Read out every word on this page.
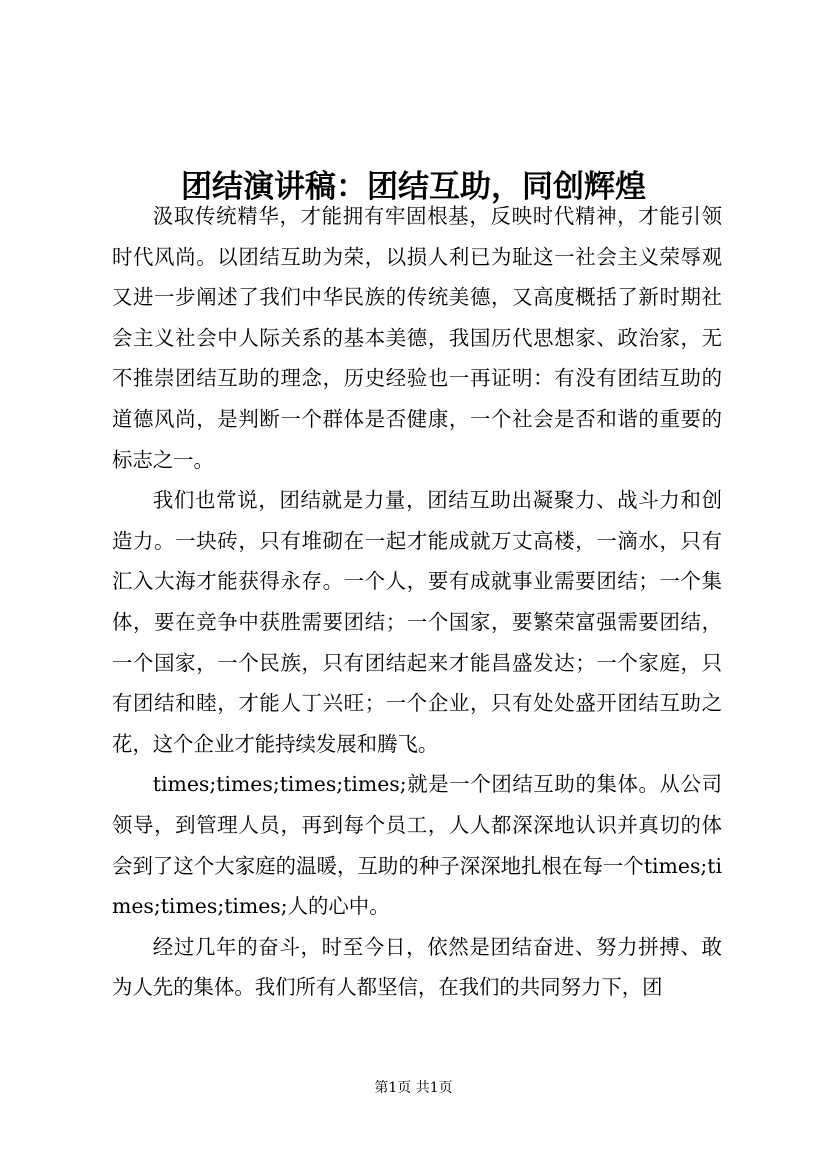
团结演讲稿：团结互助，同创辉煌

汲取传统精华，才能拥有牢固根基，反映时代精神，才能引领时代风尚。以团结互助为荣，以损人利已为耻这一社会主义荣辱观又进一步阐述了我们中华民族的传统美德，又高度概括了新时期社会主义社会中人际关系的基本美德，我国历代思想家、政治家，无不推崇团结互助的理念，历史经验也一再证明：有没有团结互助的道德风尚，是判断一个群体是否健康，一个社会是否和谐的重要的标志之一。

我们也常说，团结就是力量，团结互助出凝聚力、战斗力和创造力。一块砖，只有堆砌在一起才能成就万丈高楼，一滴水，只有汇入大海才能获得永存。一个人，要有成就事业需要团结；一个集体，要在竞争中获胜需要团结；一个国家，要繁荣富强需要团结，一个国家，一个民族，只有团结起来才能昌盛发达；一个家庭，只有团结和睦，才能人丁兴旺；一个企业，只有处处盛开团结互助之花，这个企业才能持续发展和腾飞。

times;times;times;times;就是一个团结互助的集体。从公司领导，到管理人员，再到每个员工，人人都深深地认识并真切的体会到了这个大家庭的温暖，互助的种子深深地扎根在每一个times;times;times;times;人的心中。

经过几年的奋斗，时至今日，依然是团结奋进、努力拼搏、敢为人先的集体。我们所有人都坚信，在我们的共同努力下，团

第1页 共1页
